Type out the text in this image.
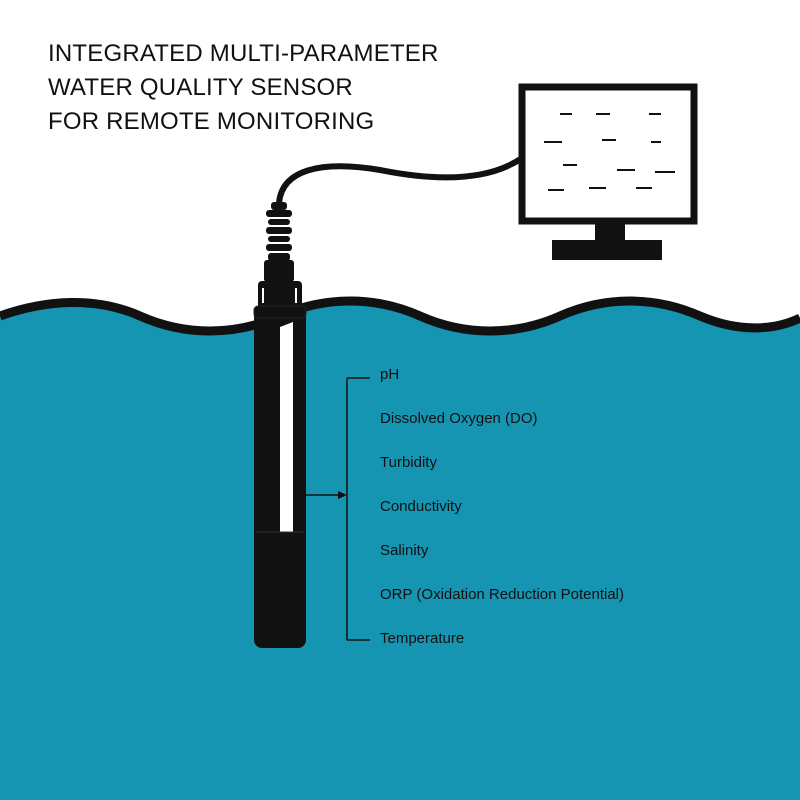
INTEGRATED MULTI-PARAMETER
WATER QUALITY SENSOR
FOR REMOTE MONITORING
pH
Dissolved Oxygen (DO)
Turbidity
Conductivity
Salinity
ORP (Oxidation Reduction Potential)
Temperature
